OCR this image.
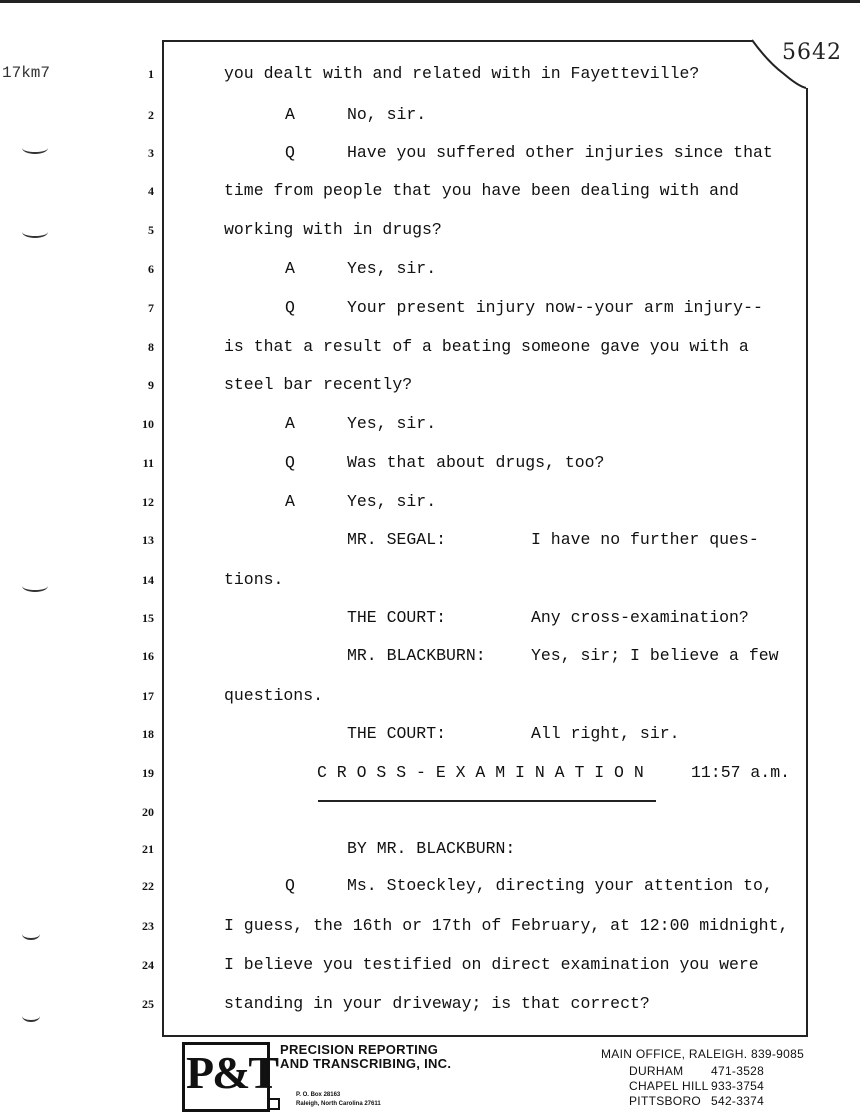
5642
17km7	1	you dealt with and related with in Fayetteville?
2	A	No, sir.
3	Q	Have you suffered other injuries since that
4	time from people that you have been dealing with and
5	working with in drugs?
6	A	Yes, sir.
7	Q	Your present injury now--your arm injury--
8	is that a result of a beating someone gave you with a
9	steel bar recently?
10	A	Yes, sir.
11	Q	Was that about drugs, too?
12	A	Yes, sir.
13	MR. SEGAL:	I have no further ques-
14	tions.
15	THE COURT:	Any cross-examination?
16	MR. BLACKBURN:	Yes, sir; I believe a few
17	questions.
18	THE COURT:	All right, sir.
19	C R O S S - E X A M I N A T I O N	11:57 a.m.
20
21	BY MR. BLACKBURN:
22	Q	Ms. Stoeckley, directing your attention to,
23	I guess, the 16th or 17th of February, at 12:00 midnight,
24	I believe you testified on direct examination you were
25	standing in your driveway; is that correct?
P&T PRECISION REPORTING
AND TRANSCRIBING, INC.
P. O. Box 28163
Raleigh, North Carolina 27611
MAIN OFFICE, RALEIGH. 839-9085
DURHAM 471-3528
CHAPEL HILL 933-3754
PITTSBORO 542-3374
